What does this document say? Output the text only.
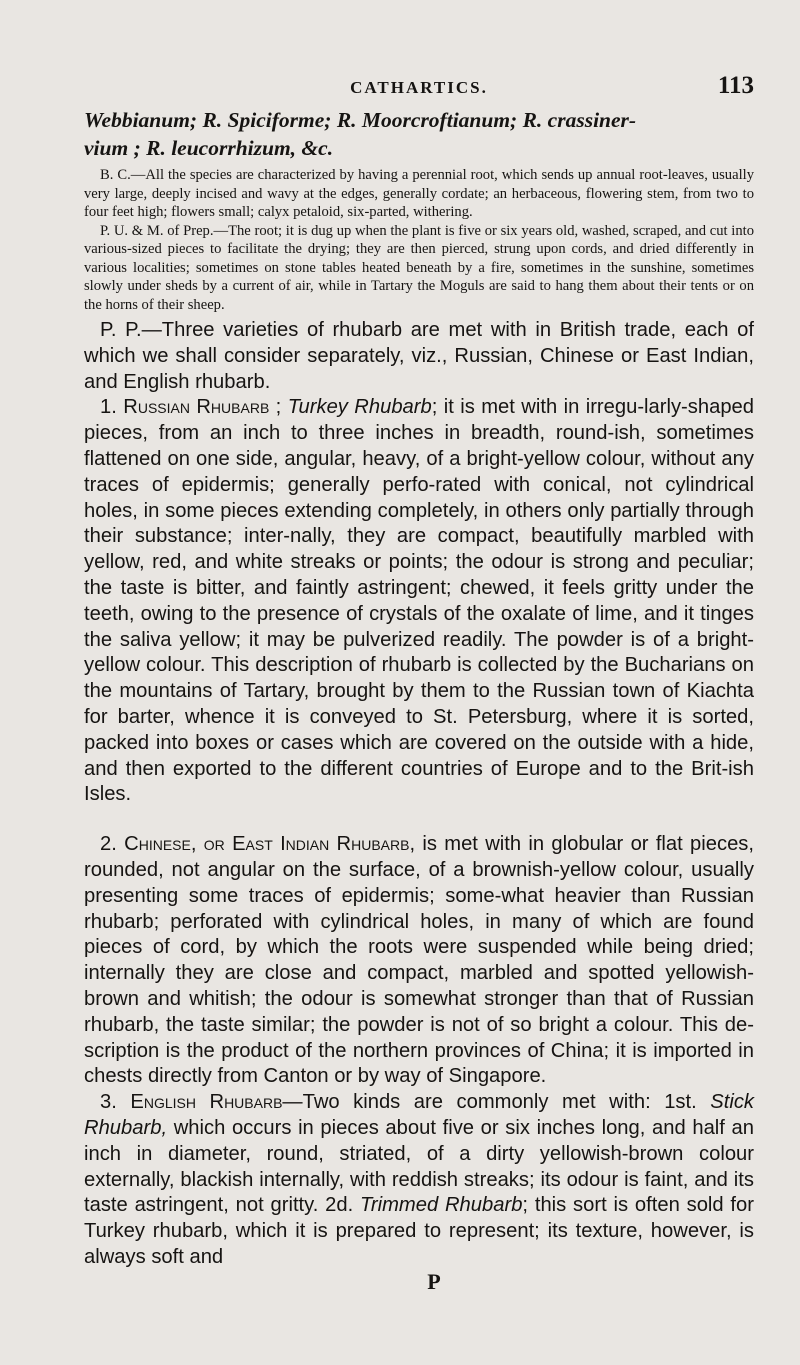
CATHARTICS.	113

Webbianum; R. Spiciforme; R. Moorcroftianum; R. crassiner-
vium ; R. leucorrhizum, &c.

B. C.—All the species are characterized by having a perennial root, which sends up annual root-leaves, usually very large, deeply incised and wavy at the edges, generally cordate; an herbaceous, flowering stem, from two to four feet high; flowers small; calyx petaloid, six-parted, withering.

P. U. & M. of Prep.—The root; it is dug up when the plant is five or six years old, washed, scraped, and cut into various-sized pieces to facilitate the drying; they are then pierced, strung upon cords, and dried differently in various localities; sometimes on stone tables heated beneath by a fire, sometimes in the sunshine, sometimes slowly under sheds by a current of air, while in Tartary the Moguls are said to hang them about their tents or on the horns of their sheep.

P. P.—Three varieties of rhubarb are met with in British trade, each of which we shall consider separately, viz., Russian, Chinese or East Indian, and English rhubarb.

1. Russian Rhubarb ; Turkey Rhubarb; it is met with in irregu-larly-shaped pieces, from an inch to three inches in breadth, round-ish, sometimes flattened on one side, angular, heavy, of a bright-yellow colour, without any traces of epidermis; generally perfo-rated with conical, not cylindrical holes, in some pieces extending completely, in others only partially through their substance; inter-nally, they are compact, beautifully marbled with yellow, red, and white streaks or points; the odour is strong and peculiar; the taste is bitter, and faintly astringent; chewed, it feels gritty under the teeth, owing to the presence of crystals of the oxalate of lime, and it tinges the saliva yellow; it may be pulverized readily. The powder is of a bright-yellow colour. This description of rhubarb is collected by the Bucharians on the mountains of Tartary, brought by them to the Russian town of Kiachta for barter, whence it is conveyed to St. Petersburg, where it is sorted, packed into boxes or cases which are covered on the outside with a hide, and then exported to the different countries of Europe and to the Brit-ish Isles.

2. Chinese, or East Indian Rhubarb, is met with in globular or flat pieces, rounded, not angular on the surface, of a brownish-yellow colour, usually presenting some traces of epidermis; some-what heavier than Russian rhubarb; perforated with cylindrical holes, in many of which are found pieces of cord, by which the roots were suspended while being dried; internally they are close and compact, marbled and spotted yellowish-brown and whitish; the odour is somewhat stronger than that of Russian rhubarb, the taste similar; the powder is not of so bright a colour. This de-scription is the product of the northern provinces of China; it is imported in chests directly from Canton or by way of Singapore.

3. English Rhubarb—Two kinds are commonly met with: 1st. Stick Rhubarb, which occurs in pieces about five or six inches long, and half an inch in diameter, round, striated, of a dirty yellowish-brown colour externally, blackish internally, with reddish streaks; its odour is faint, and its taste astringent, not gritty. 2d. Trimmed Rhubarb; this sort is often sold for Turkey rhubarb, which it is prepared to represent; its texture, however, is always soft and

P
